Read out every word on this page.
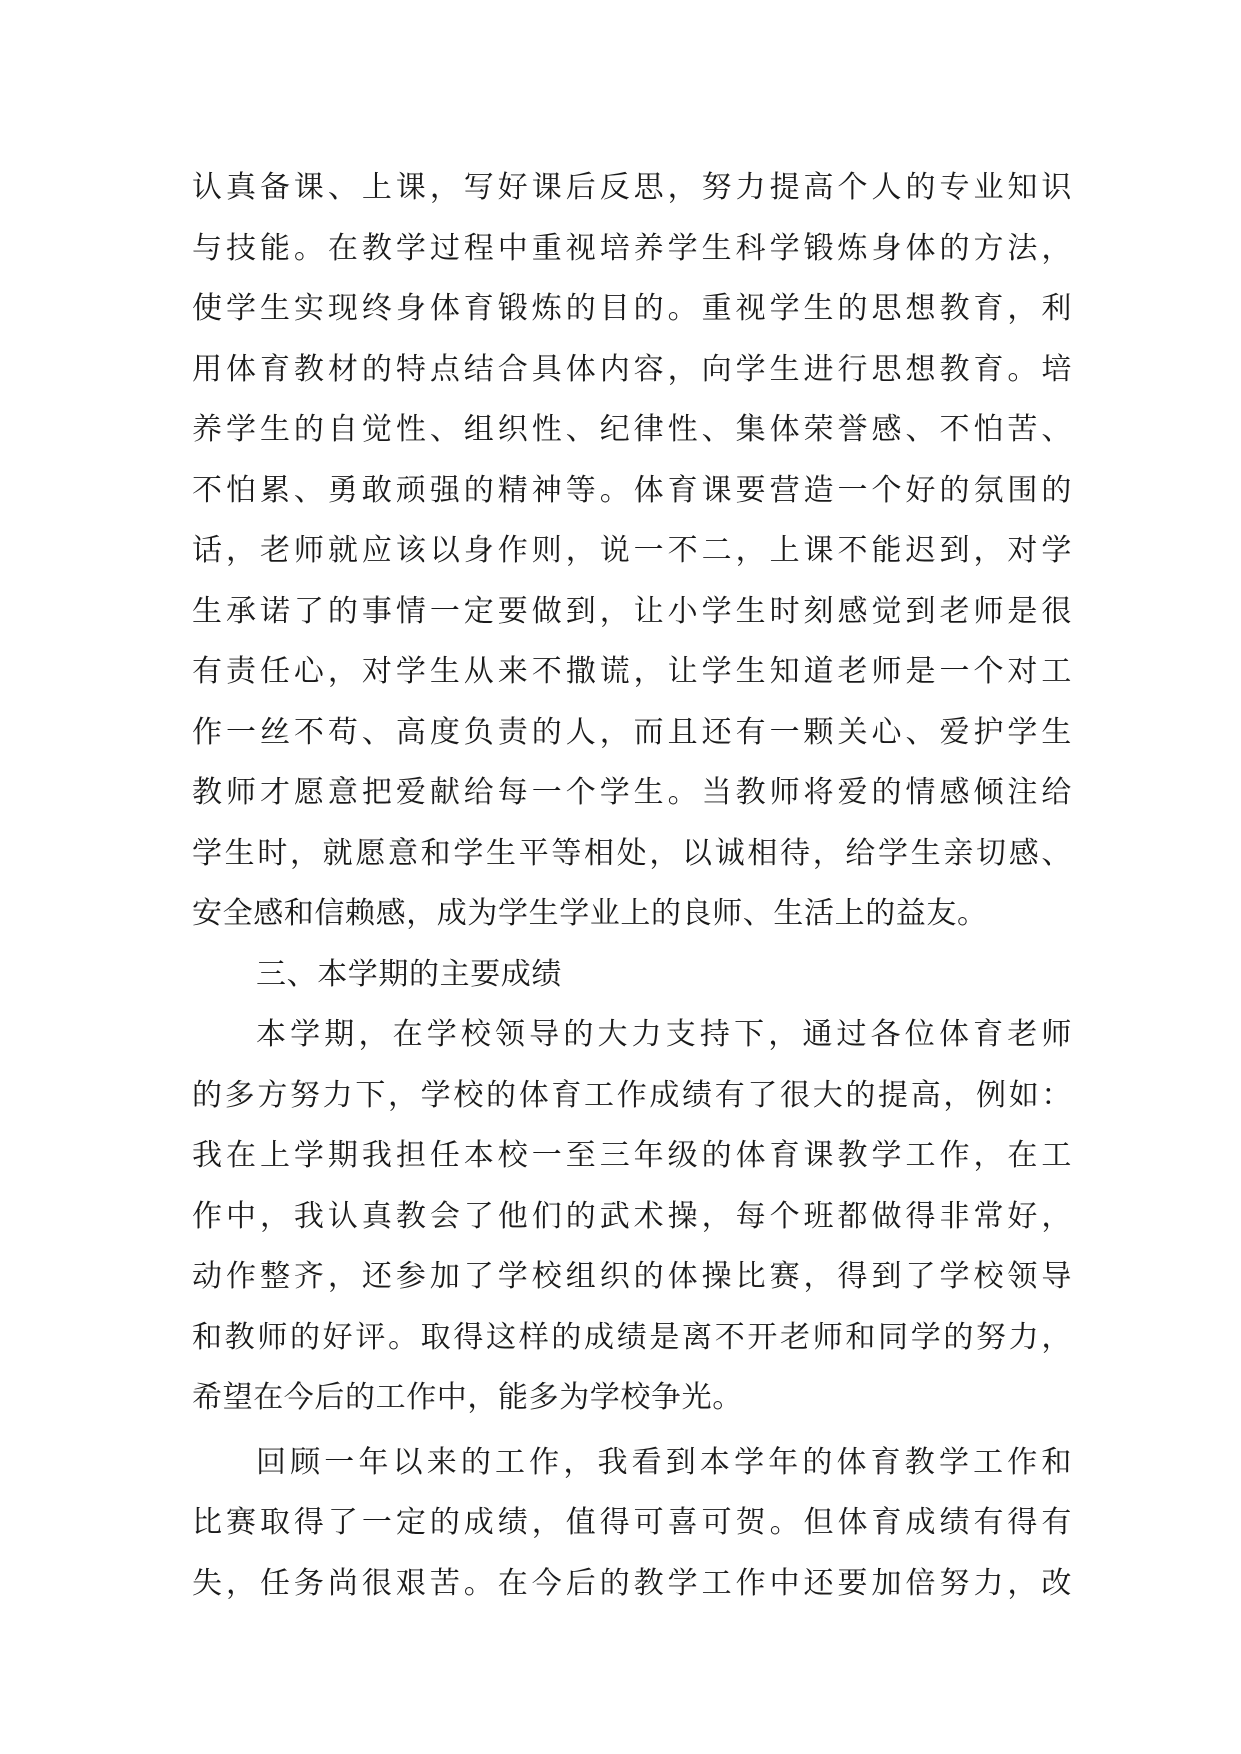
认真备课、上课，写好课后反思，努力提高个人的专业知识
与技能。在教学过程中重视培养学生科学锻炼身体的方法，
使学生实现终身体育锻炼的目的。重视学生的思想教育，利
用体育教材的特点结合具体内容，向学生进行思想教育。培
养学生的自觉性、组织性、纪律性、集体荣誉感、不怕苦、
不怕累、勇敢顽强的精神等。体育课要营造一个好的氛围的
话，老师就应该以身作则，说一不二，上课不能迟到，对学
生承诺了的事情一定要做到，让小学生时刻感觉到老师是很
有责任心，对学生从来不撒谎，让学生知道老师是一个对工
作一丝不苟、高度负责的人，而且还有一颗关心、爱护学生
教师才愿意把爱献给每一个学生。当教师将爱的情感倾注给
学生时，就愿意和学生平等相处，以诚相待，给学生亲切感、
安全感和信赖感，成为学生学业上的良师、生活上的益友。
三、本学期的主要成绩
本学期，在学校领导的大力支持下，通过各位体育老师
的多方努力下，学校的体育工作成绩有了很大的提高，例如：
我在上学期我担任本校一至三年级的体育课教学工作，在工
作中，我认真教会了他们的武术操，每个班都做得非常好，
动作整齐，还参加了学校组织的体操比赛，得到了学校领导
和教师的好评。取得这样的成绩是离不开老师和同学的努力，
希望在今后的工作中，能多为学校争光。
回顾一年以来的工作，我看到本学年的体育教学工作和
比赛取得了一定的成绩，值得可喜可贺。但体育成绩有得有
失，任务尚很艰苦。在今后的教学工作中还要加倍努力，改
